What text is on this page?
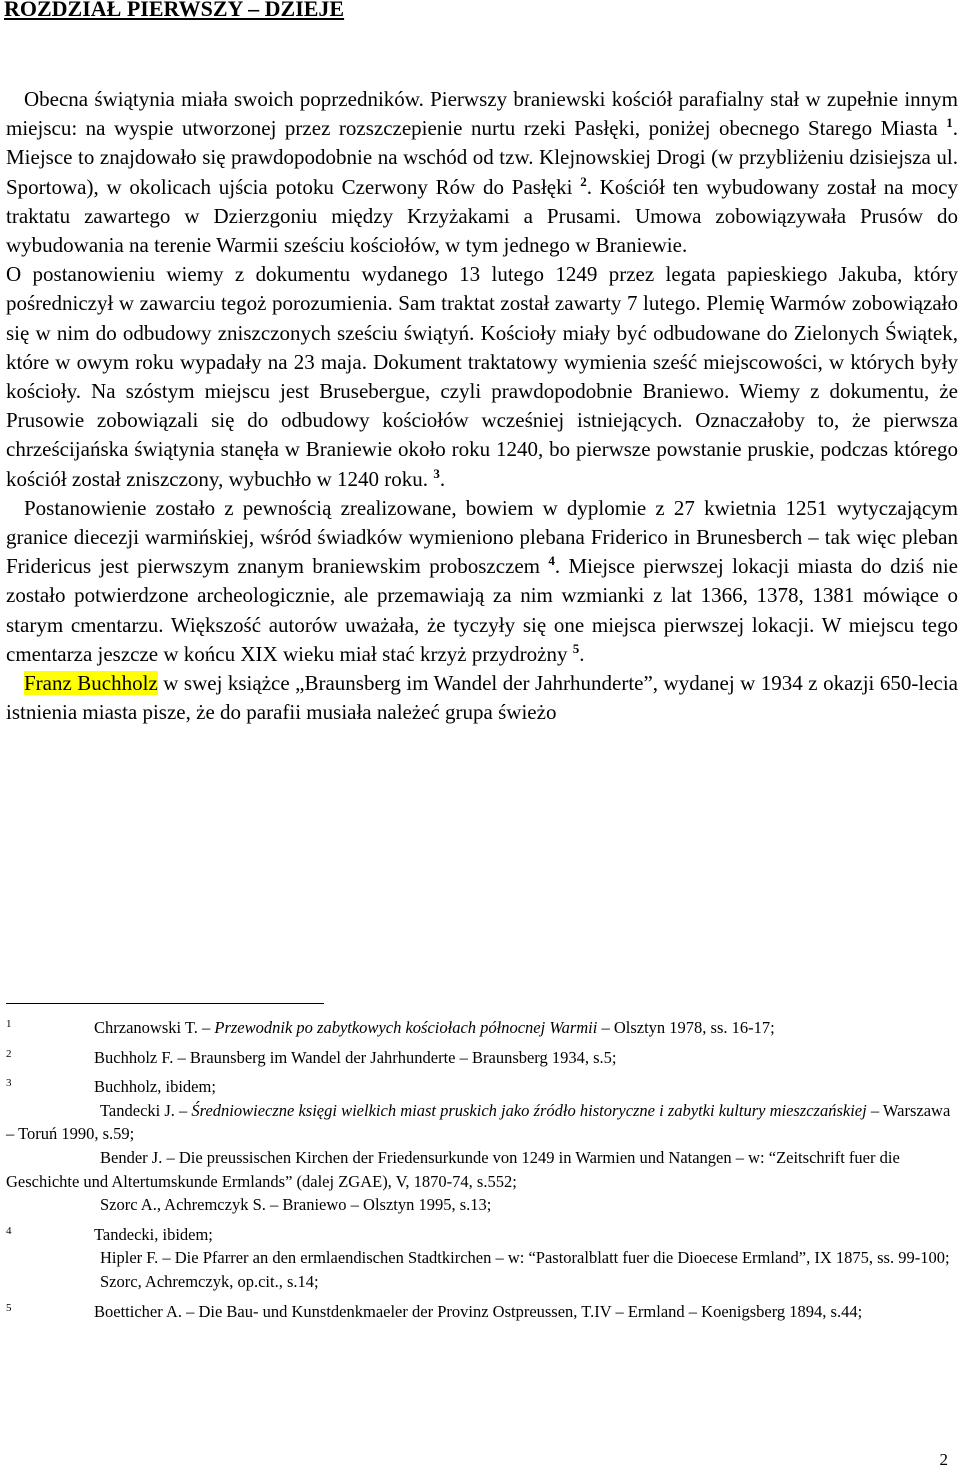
ROZDZIAŁ PIERWSZY – DZIEJE

Obecna świątynia miała swoich poprzedników. Pierwszy braniewski kościół parafialny stał w zupełnie innym miejscu: na wyspie utworzonej przez rozszczepienie nurtu rzeki Pasłęki, poniżej obecnego Starego Miasta $^1$. Miejsce to znajdowało się prawdopodobnie na wschód od tzw. Klejnowskiej Drogi (w przybliżeniu dzisiejsza ul. Sportowa), w okolicach ujścia potoku Czerwony Rów do Pasłęki $^2$. Kościół ten wybudowany został na mocy traktatu zawartego w Dzierzgoniu między Krzyżakami a Prusami. Umowa zobowiązywała Prusów do wybudowania na terenie Warmii sześciu kościołów, w tym jednego w Braniewie.

O postanowieniu wiemy z dokumentu wydanego 13 lutego 1249 przez legata papieskiego Jakuba, który pośredniczył w zawarciu tegoż porozumienia. Sam traktat został zawarty 7 lutego. Plemię Warmów zobowiązało się w nim do odbudowy zniszczonych sześciu świątyń. Kościoły miały być odbudowane do Zielonych Świątek, które w owym roku wypadały na 23 maja. Dokument traktatowy wymienia sześć miejscowości, w których były kościoły. Na szóstym miejscu jest Brusebergue, czyli prawdopodobnie Braniewo. Wiemy z dokumentu, że Prusowie zobowiązali się do odbudowy kościołów wcześniej istniejących. Oznaczałoby to, że pierwsza chrześcijańska świątynia stanęła w Braniewie około roku 1240, bo pierwsze powstanie pruskie, podczas którego kościół został zniszczony, wybuchło w 1240 roku. $^3$.

Postanowienie zostało z pewnością zrealizowane, bowiem w dyplomie z 27 kwietnia 1251 wytyczającym granice diecezji warmińskiej, wśród świadków wymieniono plebana Friderico in Brunesberch – tak więc pleban Fridericus jest pierwszym znanym braniewskim proboszczem $^4$. Miejsce pierwszej lokacji miasta do dziś nie zostało potwierdzone archeologicznie, ale przemawiają za nim wzmianki z lat 1366, 1378, 1381 mówiące o starym cmentarzu. Większość autorów uważała, że tyczyły się one miejsca pierwszej lokacji. W miejscu tego cmentarza jeszcze w końcu XIX wieku miał stać krzyż przydrożny $^5$.

Franz Buchholz w swej książce „Braunsberg im Wandel der Jahrhunderte”, wydanej w 1934 z okazji 650-lecia istnienia miasta pisze, że do parafii musiała należeć grupa świeżo

1	Chrzanowski T. – Przewodnik po zabytkowych kościołach północnej Warmii – Olsztyn 1978, ss. 16-17;
2	Buchholz F. – Braunsberg im Wandel der Jahrhunderte – Braunsberg 1934, s.5;
3	Buchholz, ibidem;
Tandecki J. – Średniowieczne księgi wielkich miast pruskich jako źródło historyczne i zabytki kultury mieszczańskiej – Warszawa – Toruń 1990, s.59;
Bender J. – Die preussischen Kirchen der Friedensurkunde von 1249 in Warmien und Natangen – w: “Zeitschrift fuer die Geschichte und Altertumskunde Ermlands” (dalej ZGAE), V, 1870-74, s.552;
Szorc A., Achremczyk S. – Braniewo – Olsztyn 1995, s.13;
4	Tandecki, ibidem;
Hipler F. – Die Pfarrer an den ermlaendischen Stadtkirchen – w: “Pastoralblatt fuer die Dioecese Ermland”, IX 1875, ss. 99-100;
Szorc, Achremczyk, op.cit., s.14;
5	Boetticher A. – Die Bau- und Kunstdenkmaeler der Provinz Ostpreussen, T.IV – Ermland – Koenigsberg 1894, s.44;
2
